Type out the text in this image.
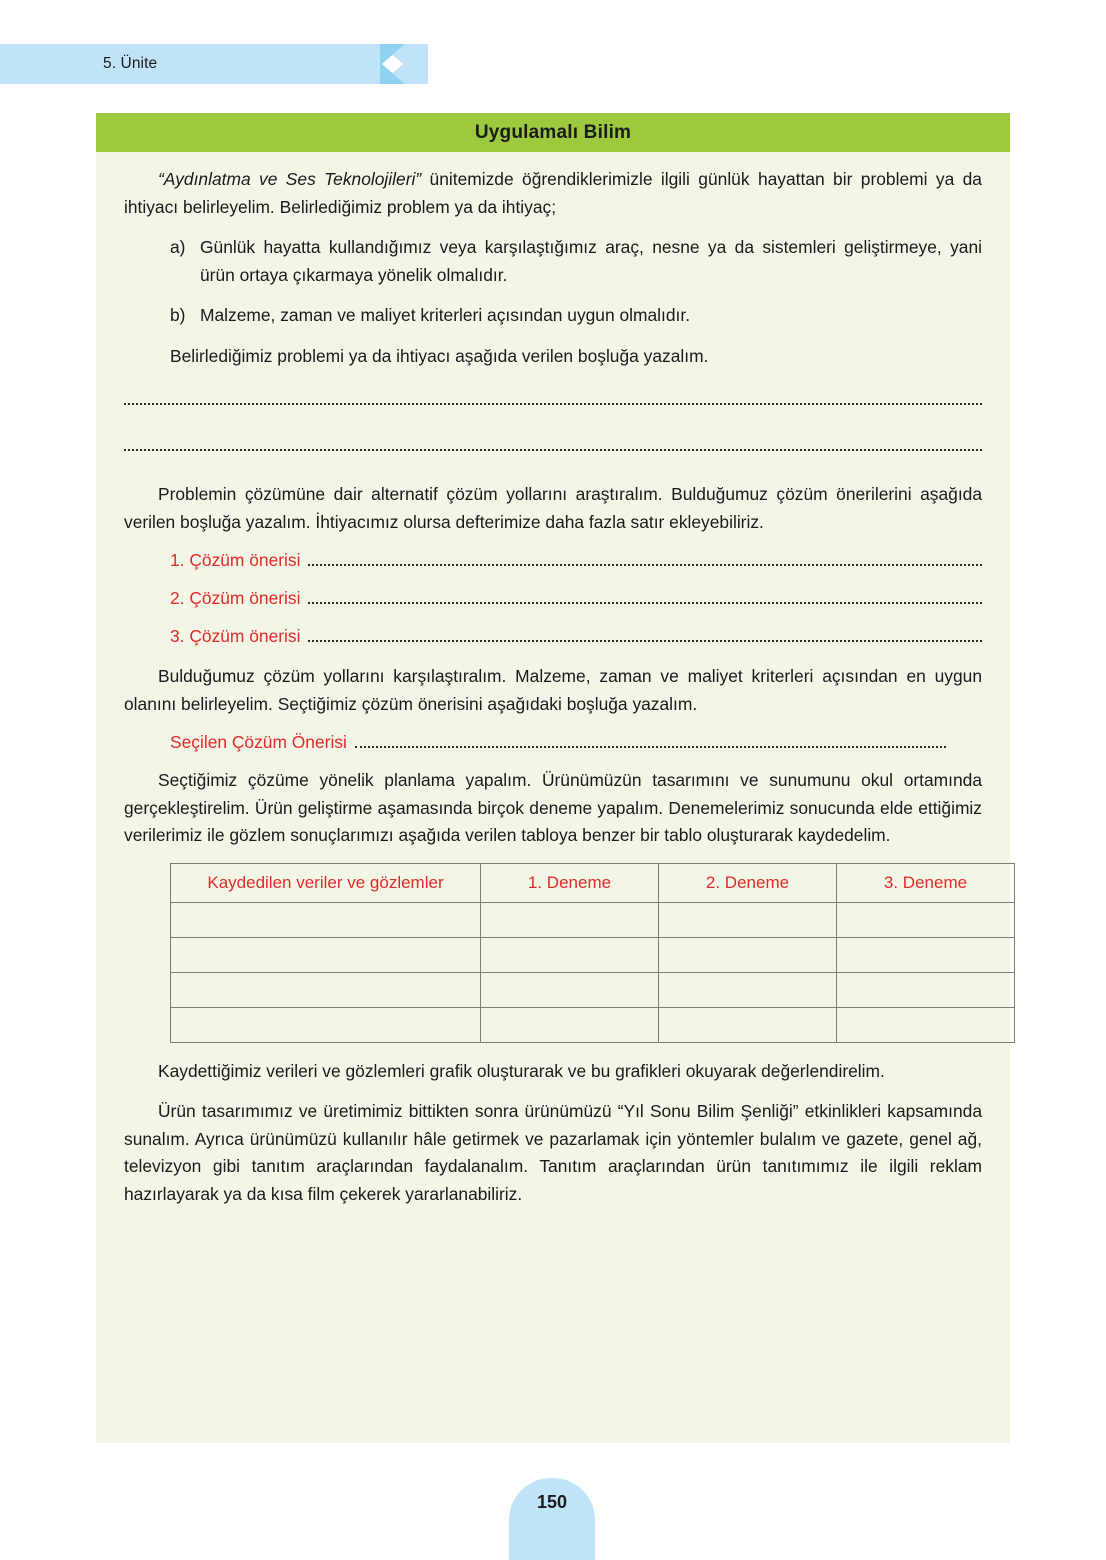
5. Ünite
Uygulamalı Bilim

“Aydınlatma ve Ses Teknolojileri” ünitemizde öğrendiklerimizle ilgili günlük hayattan bir problemi ya da ihtiyacı belirleyelim. Belirlediğimiz problem ya da ihtiyaç;

a) Günlük hayatta kullandığımız veya karşılaştığımız araç, nesne ya da sistemleri geliştirmeye, yani ürün ortaya çıkarmaya yönelik olmalıdır.
b) Malzeme, zaman ve maliyet kriterleri açısından uygun olmalıdır.

Belirlediğimiz problemi ya da ihtiyacı aşağıda verilen boşluğa yazalım.

Problemin çözümüne dair alternatif çözüm yollarını araştıralım. Bulduğumuz çözüm önerilerini aşağıda verilen boşluğa yazalım. İhtiyacımız olursa defterimize daha fazla satır ekleyebiliriz.

1. Çözüm önerisi
2. Çözüm önerisi
3. Çözüm önerisi

Bulduğumuz çözüm yollarını karşılaştıralım. Malzeme, zaman ve maliyet kriterleri açısından en uygun olanını belirleyelim. Seçtiğimiz çözüm önerisini aşağıdaki boşluğa yazalım.

Seçilen Çözüm Önerisi

Seçtiğimiz çözüme yönelik planlama yapalım. Ürünümüzün tasarımını ve sunumunu okul ortamında gerçekleştirelim. Ürün geliştirme aşamasında birçok deneme yapalım. Denemelerimiz sonucunda elde ettiğimiz verilerimiz ile gözlem sonuçlarımızı aşağıda verilen tabloya benzer bir tablo oluşturarak kaydedelim.

Kaydedilen veriler ve gözlemler	1. Deneme	2. Deneme	3. Deneme

Kaydettiğimiz verileri ve gözlemleri grafik oluşturarak ve bu grafikleri okuyarak değerlendirelim.

Ürün tasarımımız ve üretimimiz bittikten sonra ürünümüzü “Yıl Sonu Bilim Şenliği” etkinlikleri kapsamında sunalım. Ayrıca ürünümüzü kullanılır hâle getirmek ve pazarlamak için yöntemler bulalım ve gazete, genel ağ, televizyon gibi tanıtım araçlarından faydalanalım. Tanıtım araçlarından ürün tanıtımımız ile ilgili reklam hazırlayarak ya da kısa film çekerek yararlanabiliriz.

150
